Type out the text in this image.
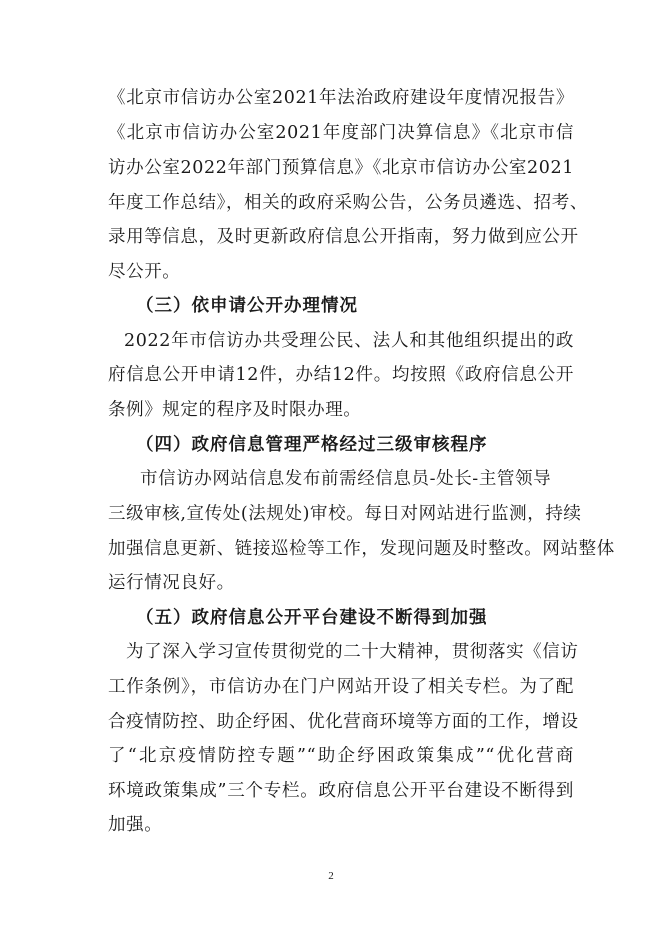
《北京市信访办公室2021年法治政府建设年度情况报告》
《北京市信访办公室2021年度部门决算信息》《北京市信
访办公室2022年部门预算信息》《北京市信访办公室2021
年度工作总结》，相关的政府采购公告，公务员遴选、招考、
录用等信息，及时更新政府信息公开指南，努力做到应公开
尽公开。
（三）依申请公开办理情况
2022年市信访办共受理公民、法人和其他组织提出的政
府信息公开申请12件，办结12件。均按照《政府信息公开
条例》规定的程序及时限办理。
（四）政府信息管理严格经过三级审核程序
市信访办网站信息发布前需经信息员-处长-主管领导
三级审核,宣传处(法规处)审校。每日对网站进行监测，持续
加强信息更新、链接巡检等工作，发现问题及时整改。网站整体
运行情况良好。
（五）政府信息公开平台建设不断得到加强
为了深入学习宣传贯彻党的二十大精神，贯彻落实《信访
工作条例》，市信访办在门户网站开设了相关专栏。为了配
合疫情防控、助企纾困、优化营商环境等方面的工作，增设
了“北京疫情防控专题”“助企纾困政策集成”“优化营商
环境政策集成”三个专栏。政府信息公开平台建设不断得到
加强。
2
